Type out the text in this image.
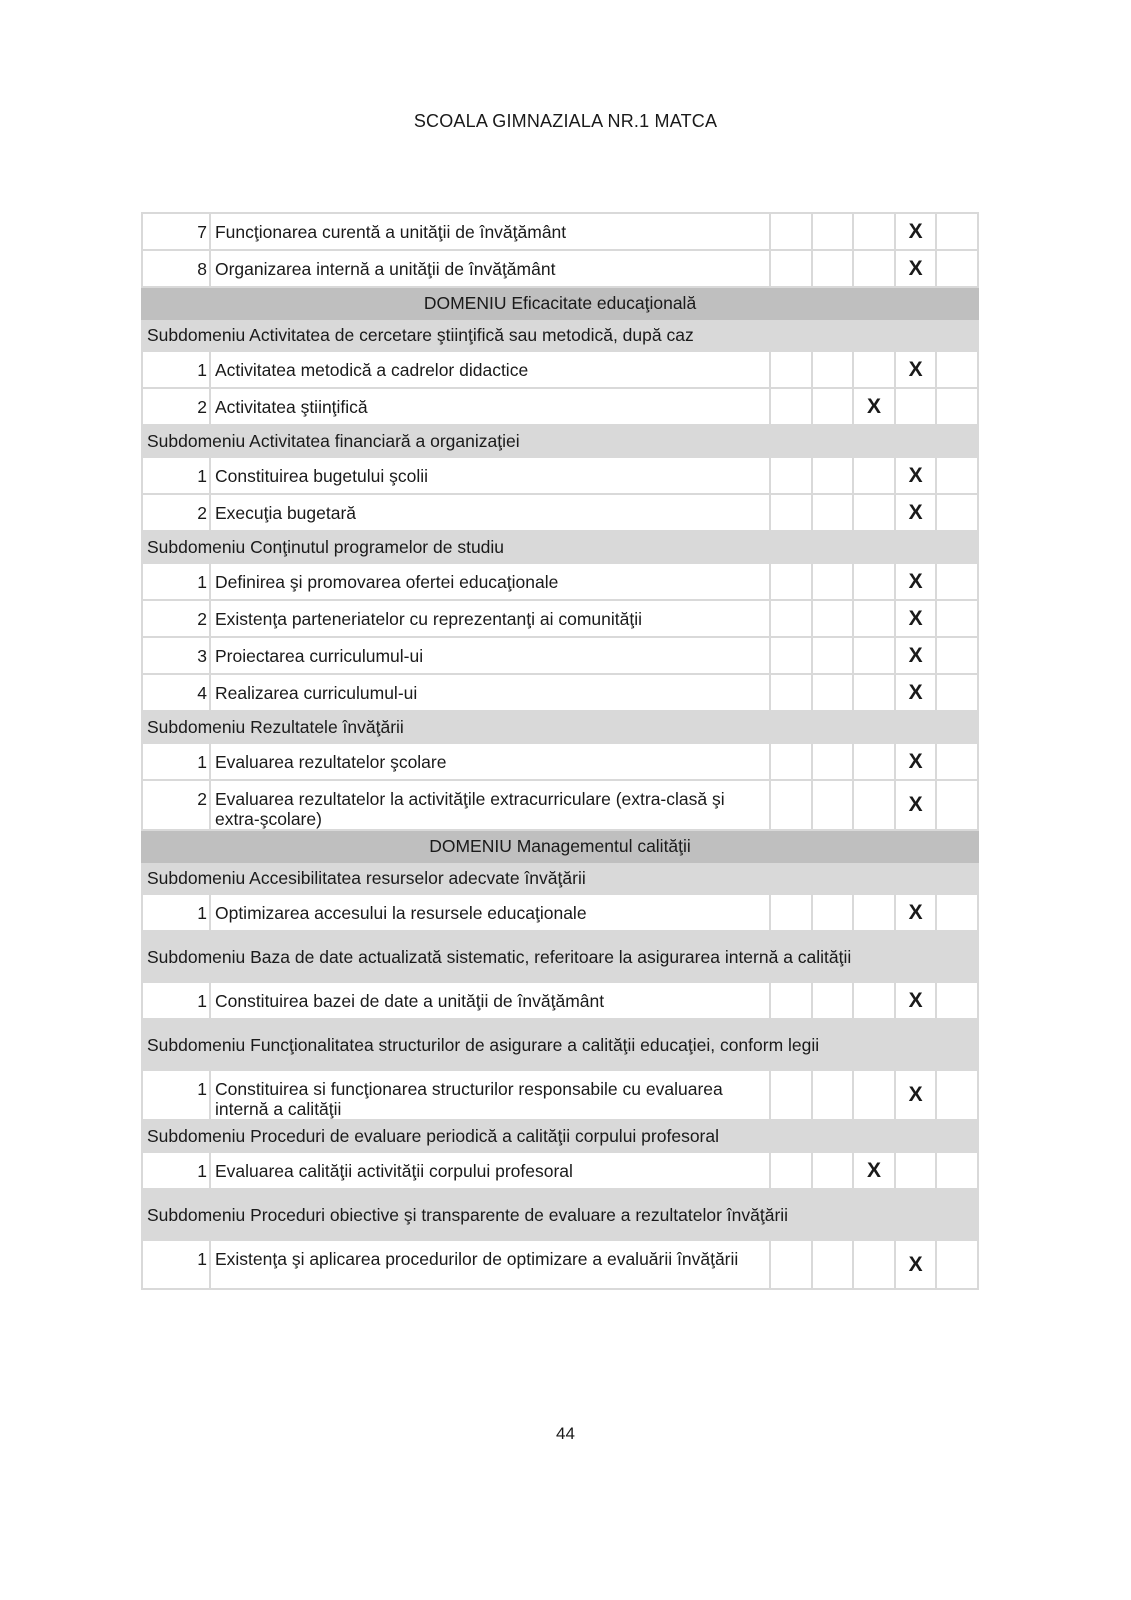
SCOALA GIMNAZIALA NR.1 MATCA
7	Funcţionarea curentă a unităţii de învăţământ				X	
8	Organizarea internă a unităţii de învăţământ				X	
DOMENIU Eficacitate educaţională						
Subdomeniu Activitatea de cercetare ştiinţifică sau metodică, după caz						
1	Activitatea metodică a cadrelor didactice				X	
2	Activitatea ştiinţifică			X		
Subdomeniu Activitatea financiară a organizaţiei						
1	Constituirea bugetului şcolii				X	
2	Execuţia bugetară				X	
Subdomeniu Conţinutul programelor de studiu						
1	Definirea şi promovarea ofertei educaţionale				X	
2	Existenţa parteneriatelor cu reprezentanţi ai comunităţii				X	
3	Proiectarea curriculumul-ui				X	
4	Realizarea curriculumul-ui				X	
Subdomeniu Rezultatele învăţării						
1	Evaluarea rezultatelor şcolare				X	
2	Evaluarea rezultatelor la activităţile extracurriculare (extra-clasă şi extra-şcolare)				X	
DOMENIU Managementul calităţii						
Subdomeniu Accesibilitatea resurselor adecvate învăţării						
1	Optimizarea accesului la resursele educaţionale				X	
Subdomeniu Baza de date actualizată sistematic, referitoare la asigurarea internă a calităţii						
1	Constituirea bazei de date a unităţii de învăţământ				X	
Subdomeniu Funcţionalitatea structurilor de asigurare a calităţii educaţiei, conform legii						
1	Constituirea si funcţionarea structurilor responsabile cu evaluarea internă a calităţii				X	
Subdomeniu Proceduri de evaluare periodică a calităţii corpului profesoral						
1	Evaluarea calităţii activităţii corpului profesoral			X		
Subdomeniu Proceduri obiective şi transparente de evaluare a rezultatelor învăţării						
1	Existenţa şi aplicarea procedurilor de optimizare a evaluării învăţării				X	
44
